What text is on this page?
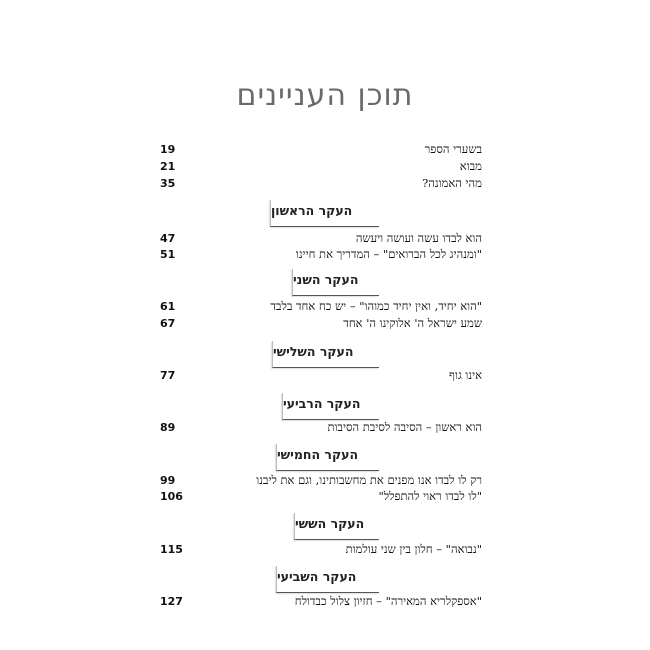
תוכן העניינים
בשערי הספר
19
מבוא
21
מהי האמונה?
35
העקר הראשון
הוא לבדו עשה ועושה ויעשה
47
"ומנהיג לכל הברואים" – המדריך את חיינו
51
העקר השני
"הוא יחיד, ואין יחיד כמוהו" – יש כח אחד בלבד
61
שמע ישראל ה' אלוקינו ה' אחד
67
העקר השלישי
אינו גוף
77
העקר הרביעי
הוא ראשון – הסיבה לסיבת הסיבות
89
העקר החמישי
רק לו לבדו אנו מפנים את מחשבותינו, וגם את ליבנו
99
"לו לבדו ראוי להתפלל"
106
העקר הששי
"נבואה" – חלון בין שני עולמות
115
העקר השביעי
"אספקלריא המאירה" – חזיון צלול כבדולח
127
